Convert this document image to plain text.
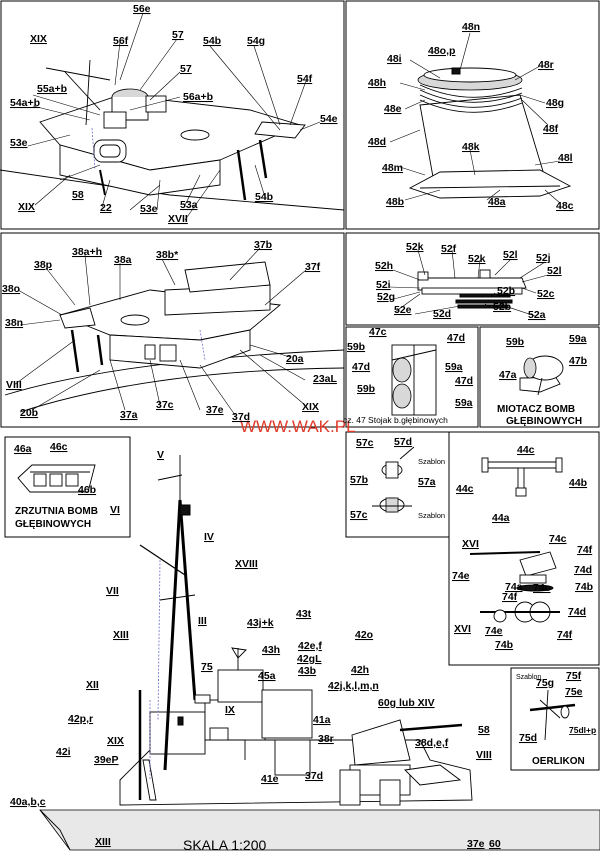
WWW.WAK.PL
SKALA 1:200
XIX	56f
56e
57 54b 54g
57
55a+b
54a+b	56a+b
54f
54e
53e
58
22	53e 53a
XVII
54b
XIX
48n
48o,p
48i	48r
48h
48g
48e
48f
48d	48k
48l
48m
48b	48a	48c
38a+h
37b
38p	38a 38b*
37f
38o
38n
20a
VIII	23aL
20b	37a
37c	37e
37d
XIX
52k 52f
52k 52l 52j
52h	52l
52i	52b 52c
52g
52b
52e 52d	52a
47c	47d
59b
59a
47d
47d
59b
59a
cz. 47 Stojak b.głębinowych
59b	59a
47b
47a
MIOTACZ BOMB
GŁĘBINOWYCH
46a 46c
46b
ZRZUTNIA BOMB
GŁĘBINOWYCH
57c 57d
Szablon
57b	57a
57c	Szablon
44c
44c	44b
44a
XVI	74c
74f
74d
74e
74a 74c 74b
74f
74d
XVI 74e
74b
74f
Szablon
75g
75f
75e
75d
75dl+p
OERLIKON
V
VI
IV
XVIII
VII
III	43j+k
43t
XIII
42e,f
42o
43h
42gL
75
45a 43b	42h
XII	42j,k,l,m,n
IX
60g lub XIV
42p,r	41a
58
XIX	38r	38d,e,f
42i	VIII
39eP
41e	37d
40a,b,c
XIII	37e 60
